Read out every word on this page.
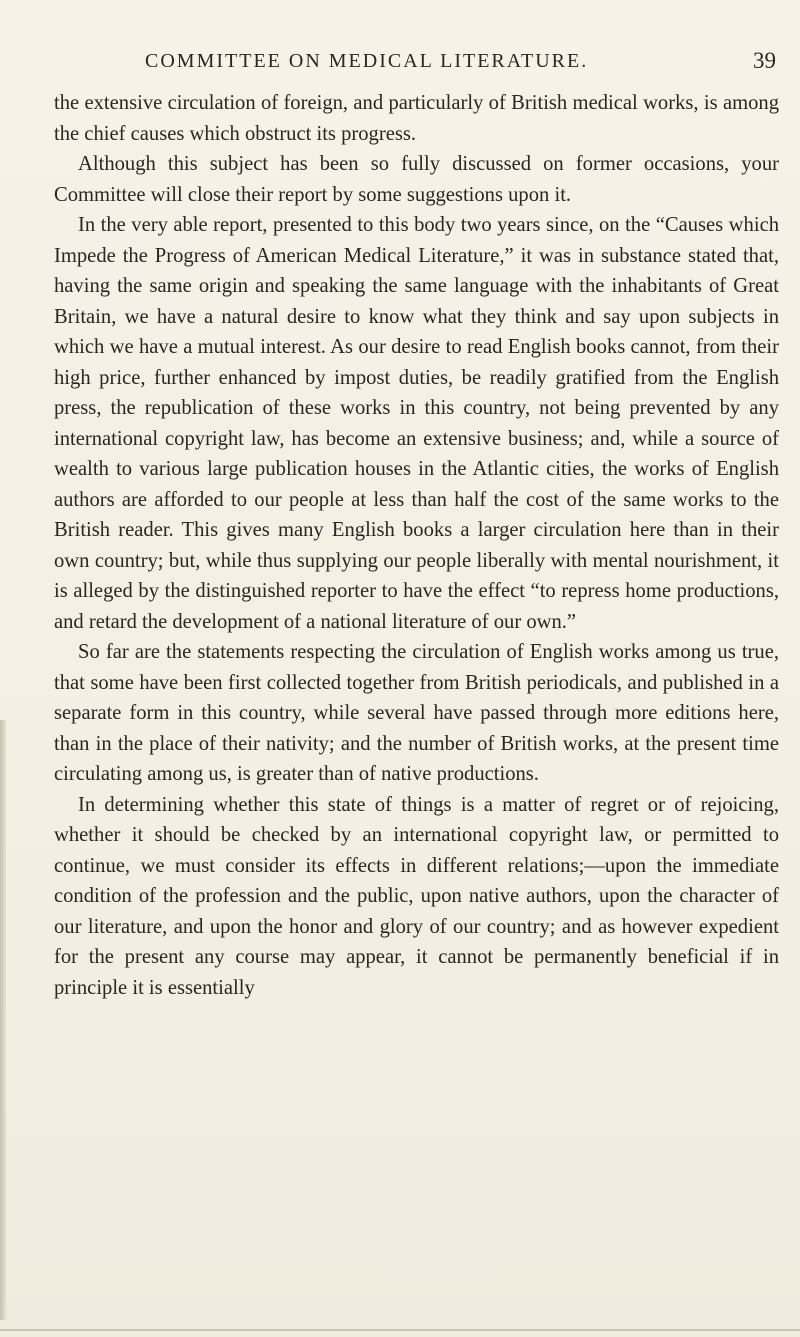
COMMITTEE ON MEDICAL LITERATURE.	39

the extensive circulation of foreign, and particularly of British medical works, is among the chief causes which obstruct its progress.

Although this subject has been so fully discussed on former occasions, your Committee will close their report by some suggestions upon it.

In the very able report, presented to this body two years since, on the “Causes which Impede the Progress of American Medical Literature,” it was in substance stated that, having the same origin and speaking the same language with the inhabitants of Great Britain, we have a natural desire to know what they think and say upon subjects in which we have a mutual interest. As our desire to read English books cannot, from their high price, further enhanced by impost duties, be readily gratified from the English press, the republication of these works in this country, not being prevented by any international copyright law, has become an extensive business; and, while a source of wealth to various large publication houses in the Atlantic cities, the works of English authors are afforded to our people at less than half the cost of the same works to the British reader. This gives many English books a larger circulation here than in their own country; but, while thus supplying our people liberally with mental nourishment, it is alleged by the distinguished reporter to have the effect “to repress home productions, and retard the development of a national literature of our own.”

So far are the statements respecting the circulation of English works among us true, that some have been first collected together from British periodicals, and published in a separate form in this country, while several have passed through more editions here, than in the place of their nativity; and the number of British works, at the present time circulating among us, is greater than of native productions.

In determining whether this state of things is a matter of regret or of rejoicing, whether it should be checked by an international copyright law, or permitted to continue, we must consider its effects in different relations;—upon the immediate condition of the profession and the public, upon native authors, upon the character of our literature, and upon the honor and glory of our country; and as however expedient for the present any course may appear, it cannot be permanently beneficial if in principle it is essentially
